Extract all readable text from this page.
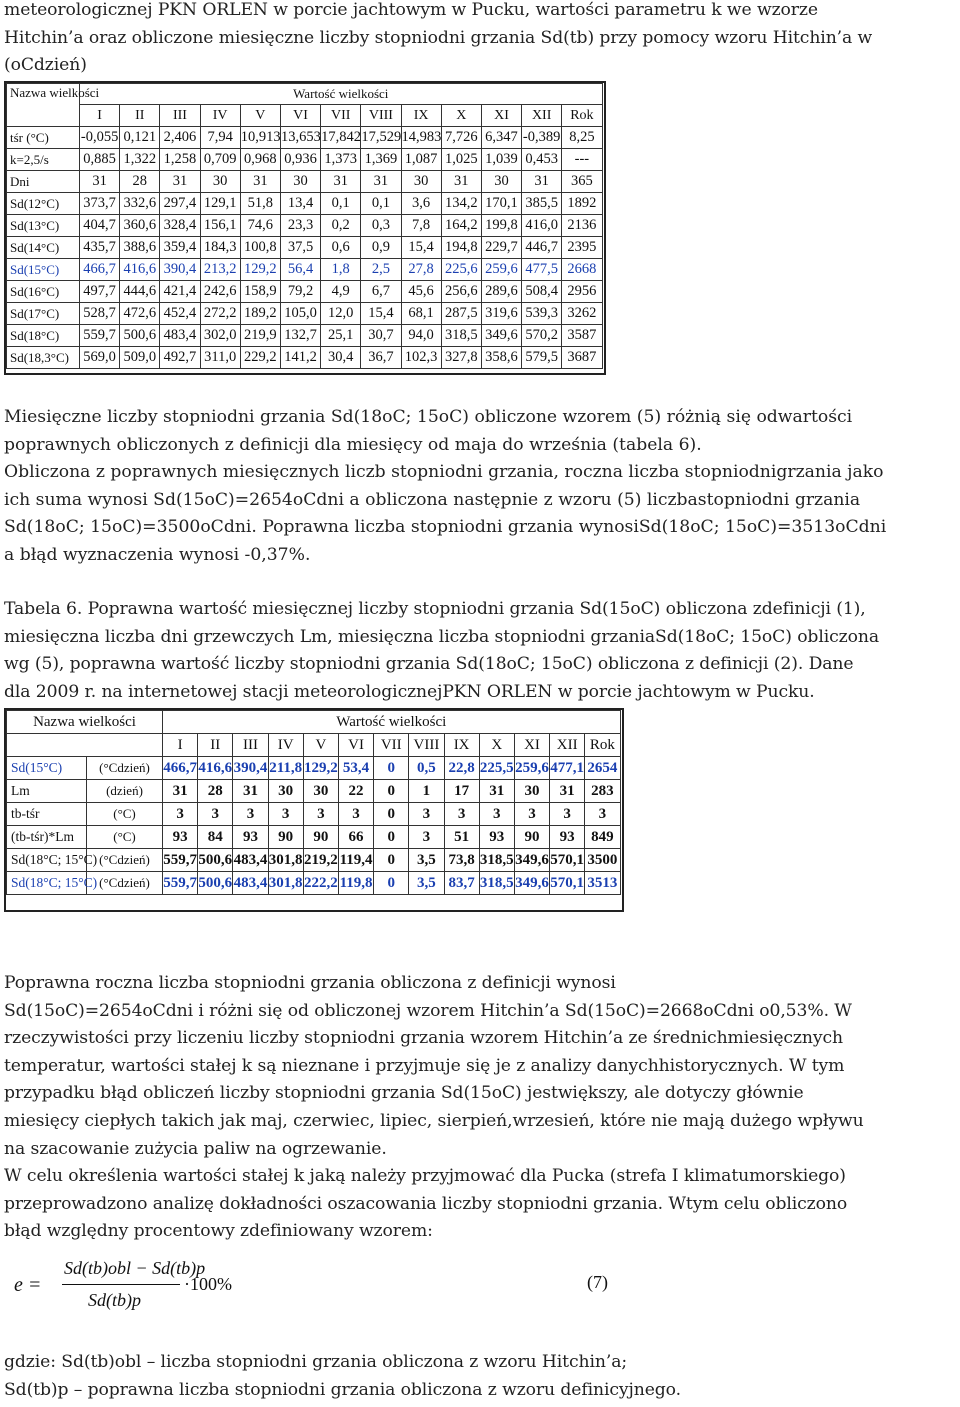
meteorologicznej PKN ORLEN w porcie jachtowym w Pucku, wartości parametru k we wzorze
Hitchin’a oraz obliczone miesięczne liczby stopniodni grzania Sd(tb) przy pomocy wzoru Hitchin’a w
(oCdzień)
Nazwa wielkości	Wartość wielkości												
	I	II	III	IV	V	VI	VII	VIII	IX	X	XI	XII	Rok
tśr (°C)	-0,055	0,121	2,406	7,94	10,913	13,653	17,842	17,529	14,983	7,726	6,347	-0,389	8,25
k=2,5/s	0,885	1,322	1,258	0,709	0,968	0,936	1,373	1,369	1,087	1,025	1,039	0,453	---
Dni	31	28	31	30	31	30	31	31	30	31	30	31	365
Sd(12°C)	373,7	332,6	297,4	129,1	51,8	13,4	0,1	0,1	3,6	134,2	170,1	385,5	1892
Sd(13°C)	404,7	360,6	328,4	156,1	74,6	23,3	0,2	0,3	7,8	164,2	199,8	416,0	2136
Sd(14°C)	435,7	388,6	359,4	184,3	100,8	37,5	0,6	0,9	15,4	194,8	229,7	446,7	2395
Sd(15°C)	466,7	416,6	390,4	213,2	129,2	56,4	1,8	2,5	27,8	225,6	259,6	477,5	2668
Sd(16°C)	497,7	444,6	421,4	242,6	158,9	79,2	4,9	6,7	45,6	256,6	289,6	508,4	2956
Sd(17°C)	528,7	472,6	452,4	272,2	189,2	105,0	12,0	15,4	68,1	287,5	319,6	539,3	3262
Sd(18°C)	559,7	500,6	483,4	302,0	219,9	132,7	25,1	30,7	94,0	318,5	349,6	570,2	3587
Sd(18,3°C)	569,0	509,0	492,7	311,0	229,2	141,2	30,4	36,7	102,3	327,8	358,6	579,5	3687
Miesięczne liczby stopniodni grzania Sd(18oC; 15oC) obliczone wzorem (5) różnią się odwartości
poprawnych obliczonych z definicji dla miesięcy od maja do września (tabela 6).
Obliczona z poprawnych miesięcznych liczb stopniodni grzania, roczna liczba stopniodnigrzania jako
ich suma wynosi Sd(15oC)=2654oCdni a obliczona następnie z wzoru (5) liczbastopniodni grzania
Sd(18oC; 15oC)=3500oCdni. Poprawna liczba stopniodni grzania wynosiSd(18oC; 15oC)=3513oCdni
a błąd wyznaczenia wynosi -0,37%.
Tabela 6. Poprawna wartość miesięcznej liczby stopniodni grzania Sd(15oC) obliczona zdefinicji (1),
miesięczna liczba dni grzewczych Lm, miesięczna liczba stopniodni grzaniaSd(18oC; 15oC) obliczona
wg (5), poprawna wartość liczby stopniodni grzania Sd(18oC; 15oC) obliczona z definicji (2). Dane
dla 2009 r. na internetowej stacji meteorologicznejPKN ORLEN w porcie jachtowym w Pucku.
Nazwa wielkości		Wartość wielkości												
		I	II	III	IV	V	VI	VII	VIII	IX	X	XI	XII	Rok
Sd(15°C)	(°Cdzień)	466,7	416,6	390,4	211,8	129,2	53,4	0	0,5	22,8	225,5	259,6	477,1	2654
Lm	(dzień)	31	28	31	30	30	22	0	1	17	31	30	31	283
tb-tśr	(°C)	3	3	3	3	3	3	0	3	3	3	3	3	3
(tb-tśr)*Lm	(°C)	93	84	93	90	90	66	0	3	51	93	90	93	849
Sd(18°C; 15°C)	(°Cdzień)	559,7	500,6	483,4	301,8	219,2	119,4	0	3,5	73,8	318,5	349,6	570,1	3500
Sd(18°C; 15°C)	(°Cdzień)	559,7	500,6	483,4	301,8	222,2	119,8	0	3,5	83,7	318,5	349,6	570,1	3513
Poprawna roczna liczba stopniodni grzania obliczona z definicji wynosi
Sd(15oC)=2654oCdni i różni się od obliczonej wzorem Hitchin’a Sd(15oC)=2668oCdni o0,53%. W
rzeczywistości przy liczeniu liczby stopniodni grzania wzorem Hitchin’a ze średnichmiesięcznych
temperatur, wartości stałej k są nieznane i przyjmuje się je z analizy danychhistorycznych. W tym
przypadku błąd obliczeń liczby stopniodni grzania Sd(15oC) jestwiększy, ale dotyczy głównie
miesięcy ciepłych takich jak maj, czerwiec, lipiec, sierpień,wrzesień, które nie mają dużego wpływu
na szacowanie zużycia paliw na ogrzewanie.
W celu określenia wartości stałej k jaką należy przyjmować dla Pucka (strefa I klimatumorskiego)
przeprowadzono analizę dokładności oszacowania liczby stopniodni grzania. Wtym celu obliczono
błąd względny procentowy zdefiniowany wzorem:
e =
Sd(tb)obl − Sd(tb)p
Sd(tb)p
·100%	(7)
gdzie: Sd(tb)obl – liczba stopniodni grzania obliczona z wzoru Hitchin’a;
Sd(tb)p – poprawna liczba stopniodni grzania obliczona z wzoru definicyjnego.
